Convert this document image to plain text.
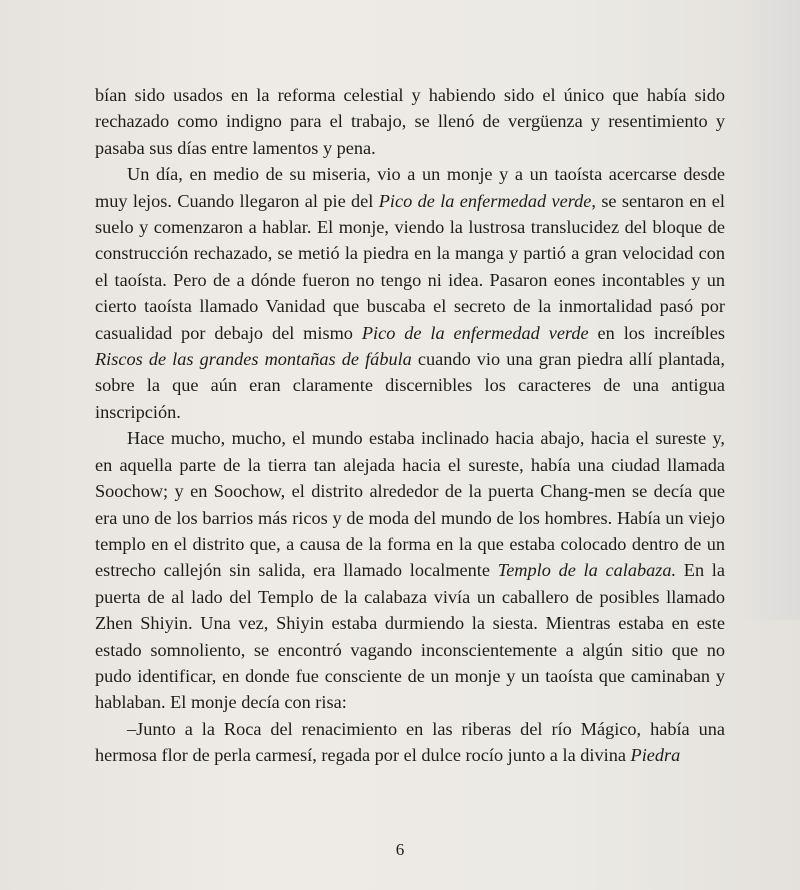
bían sido usados en la reforma celestial y habiendo sido el único que había sido rechazado como indigno para el trabajo, se llenó de vergüenza y resentimiento y pasaba sus días entre lamentos y pena.

Un día, en medio de su miseria, vio a un monje y a un taoísta acercarse desde muy lejos. Cuando llegaron al pie del Pico de la enfermedad verde, se sentaron en el suelo y comenzaron a hablar. El monje, viendo la lustrosa translucidez del bloque de construcción rechazado, se metió la piedra en la manga y partió a gran velocidad con el taoísta. Pero de a dónde fueron no tengo ni idea. Pasaron eones incontables y un cierto taoísta llamado Vanidad que buscaba el secreto de la inmortalidad pasó por casualidad por debajo del mismo Pico de la enfermedad verde en los increíbles Riscos de las grandes montañas de fábula cuando vio una gran piedra allí plantada, sobre la que aún eran claramente discernibles los caracteres de una antigua inscripción.

Hace mucho, mucho, el mundo estaba inclinado hacia abajo, hacia el sureste y, en aquella parte de la tierra tan alejada hacia el sureste, había una ciudad llamada Soochow; y en Soochow, el distrito alrededor de la puerta Chang-men se decía que era uno de los barrios más ricos y de moda del mundo de los hombres. Había un viejo templo en el distrito que, a causa de la forma en la que estaba colocado dentro de un estrecho callejón sin salida, era llamado localmente Templo de la calabaza. En la puerta de al lado del Templo de la calabaza vivía un caballero de posibles llamado Zhen Shiyin. Una vez, Shiyin estaba durmiendo la siesta. Mientras estaba en este estado somnoliento, se encontró vagando inconscientemente a algún sitio que no pudo identificar, en donde fue consciente de un monje y un taoísta que caminaban y hablaban. El monje decía con risa:

–Junto a la Roca del renacimiento en las riberas del río Mágico, había una hermosa flor de perla carmesí, regada por el dulce rocío junto a la divina Piedra

6
